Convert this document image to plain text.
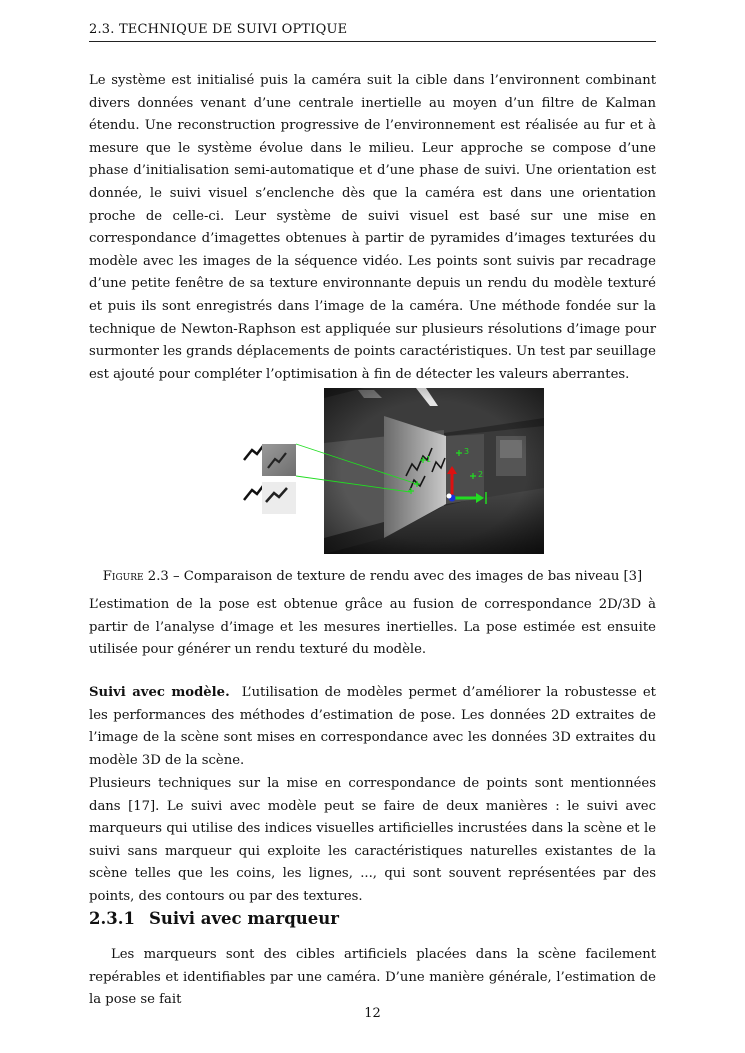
2.3. TECHNIQUE DE SUIVI OPTIQUE

Le système est initialisé puis la caméra suit la cible dans l’environnent combinant divers données venant d’une centrale inertielle au moyen d’un filtre de Kalman étendu. Une reconstruction progressive de l’environnement est réalisée au fur et à mesure que le système évolue dans le milieu. Leur approche se compose d’une phase d’initialisation semi-automatique et d’une phase de suivi. Une orientation est donnée, le suivi visuel s’enclenche dès que la caméra est dans une orientation proche de celle-ci. Leur système de suivi visuel est basé sur une mise en correspondance d’imagettes obtenues à partir de pyramides d’images texturées du modèle avec les images de la séquence vidéo. Les points sont suivis par recadrage d’une petite fenêtre de sa texture environnante depuis un rendu du modèle texturé et puis ils sont enregistrés dans l’image de la caméra. Une méthode fondée sur la technique de Newton-Raphson est appliquée sur plusieurs résolutions d’image pour surmonter les grands déplacements de points caractéristiques. Un test par seuillage est ajouté pour compléter l’optimisation à fin de détecter les valeurs aberrantes.

3
2
1
Figure 2.3 – Comparaison de texture de rendu avec des images de bas niveau [3]

L’estimation de la pose est obtenue grâce au fusion de correspondance 2D/3D à partir de l’analyse d’image et les mesures inertielles. La pose estimée est ensuite utilisée pour générer un rendu texturé du modèle.

Suivi avec modèle. L’utilisation de modèles permet d’améliorer la robustesse et les performances des méthodes d’estimation de pose. Les données 2D extraites de l’image de la scène sont mises en correspondance avec les données 3D extraites du modèle 3D de la scène.

Plusieurs techniques sur la mise en correspondance de points sont mentionnées dans [17]. Le suivi avec modèle peut se faire de deux manières : le suivi avec marqueurs qui utilise des indices visuelles artificielles incrustées dans la scène et le suivi sans marqueur qui exploite les caractéristiques naturelles existantes de la scène telles que les coins, les lignes, ..., qui sont souvent représentées par des points, des contours ou par des textures.

2.3.1 Suivi avec marqueur

Les marqueurs sont des cibles artificiels placées dans la scène facilement repérables et identifiables par une caméra. D’une manière générale, l’estimation de la pose se fait

12
